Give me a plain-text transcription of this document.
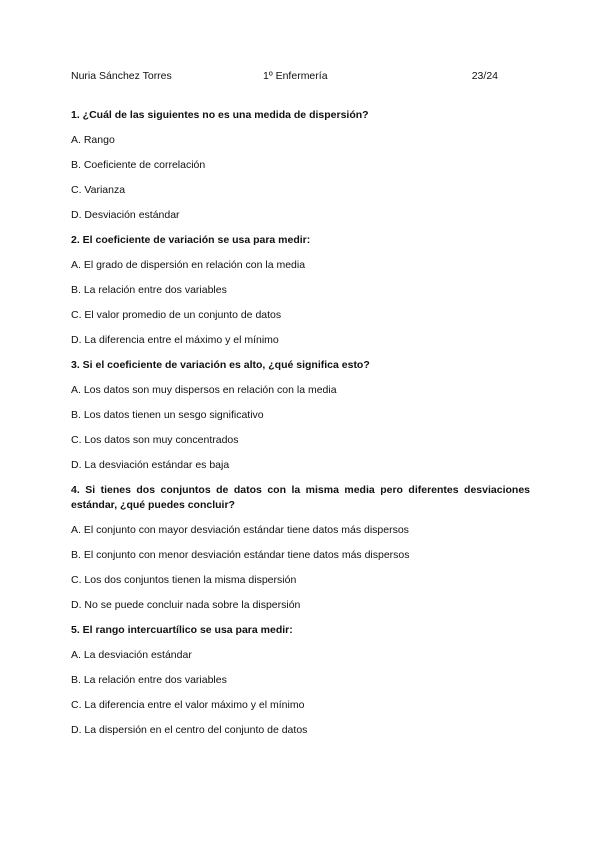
Nuria Sánchez Torres	1º Enfermería	23/24

1. ¿Cuál de las siguientes no es una medida de dispersión?

A. Rango
B. Coeficiente de correlación
C. Varianza
D. Desviación estándar

2. El coeficiente de variación se usa para medir:

A. El grado de dispersión en relación con la media
B. La relación entre dos variables
C. El valor promedio de un conjunto de datos
D. La diferencia entre el máximo y el mínimo

3. Si el coeficiente de variación es alto, ¿qué significa esto?

A. Los datos son muy dispersos en relación con la media
B. Los datos tienen un sesgo significativo
C. Los datos son muy concentrados
D. La desviación estándar es baja

4. Si tienes dos conjuntos de datos con la misma media pero diferentes desviaciones estándar, ¿qué puedes concluir?

A. El conjunto con mayor desviación estándar tiene datos más dispersos
B. El conjunto con menor desviación estándar tiene datos más dispersos
C. Los dos conjuntos tienen la misma dispersión
D. No se puede concluir nada sobre la dispersión

5. El rango intercuartílico se usa para medir:

A. La desviación estándar
B. La relación entre dos variables
C. La diferencia entre el valor máximo y el mínimo
D. La dispersión en el centro del conjunto de datos
